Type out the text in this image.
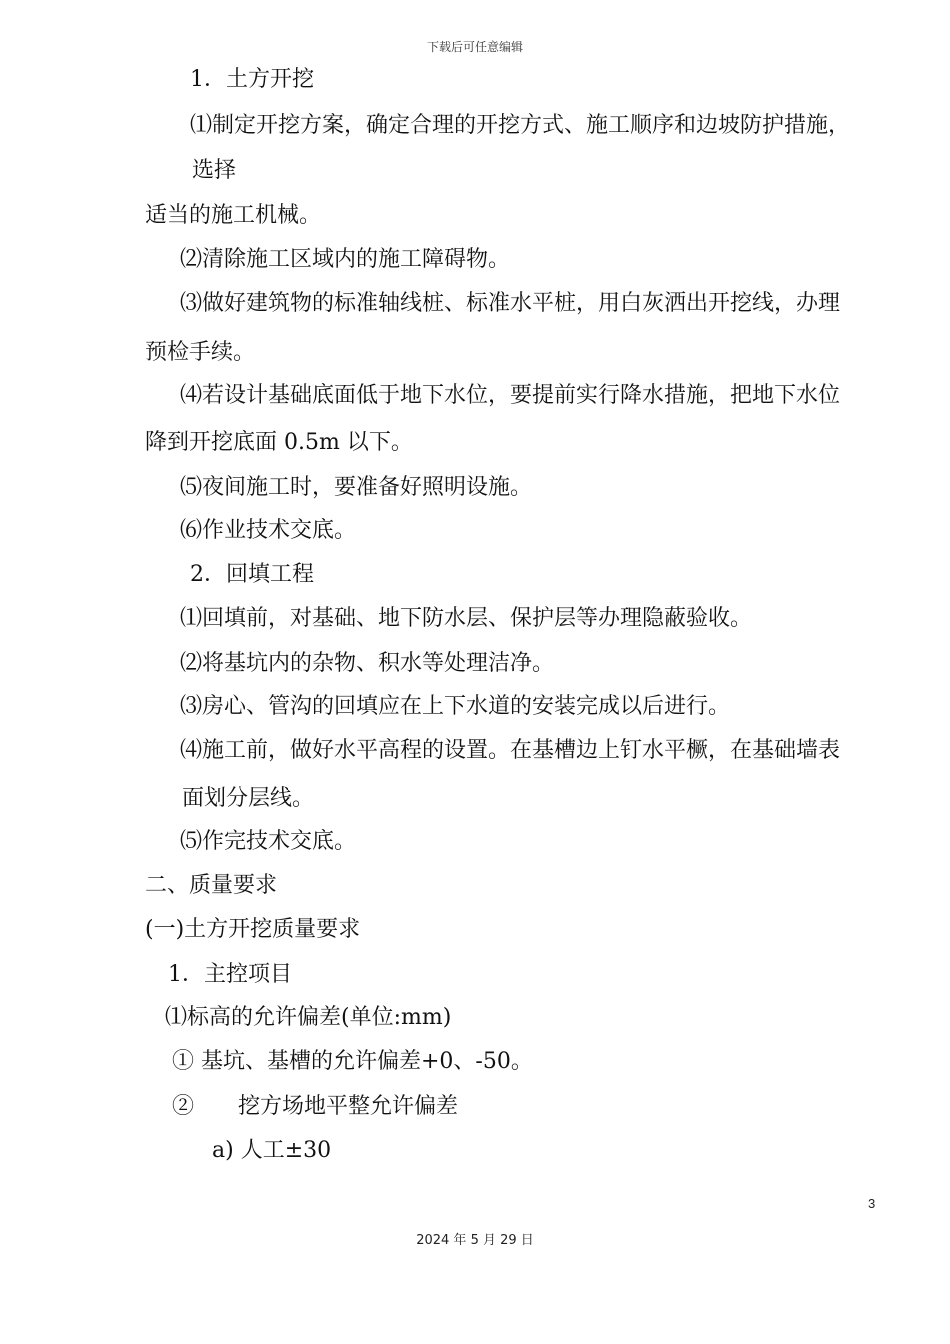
下载后可任意编辑
1．土方开挖
⑴制定开挖方案，确定合理的开挖方式、施工顺序和边坡防护措施，
选择
适当的施工机械。
⑵清除施工区域内的施工障碍物。
⑶做好建筑物的标准轴线桩、标准水平桩，用白灰洒出开挖线，办理
预检手续。
⑷若设计基础底面低于地下水位，要提前实行降水措施，把地下水位
降到开挖底面 0.5m 以下。
⑸夜间施工时，要准备好照明设施。
⑹作业技术交底。
2．回填工程
⑴回填前，对基础、地下防水层、保护层等办理隐蔽验收。
⑵将基坑内的杂物、积水等处理洁净。
⑶房心、管沟的回填应在上下水道的安装完成以后进行。
⑷施工前，做好水平高程的设置。在基槽边上钉水平橛，在基础墙表
面划分层线。
⑸作完技术交底。
二、质量要求
(一)土方开挖质量要求
1．主控项目
⑴标高的允许偏差(单位:mm)
① 基坑、基槽的允许偏差+0、-50。
②　　挖方场地平整允许偏差
a) 人工±30
3
2024 年 5 月 29 日
